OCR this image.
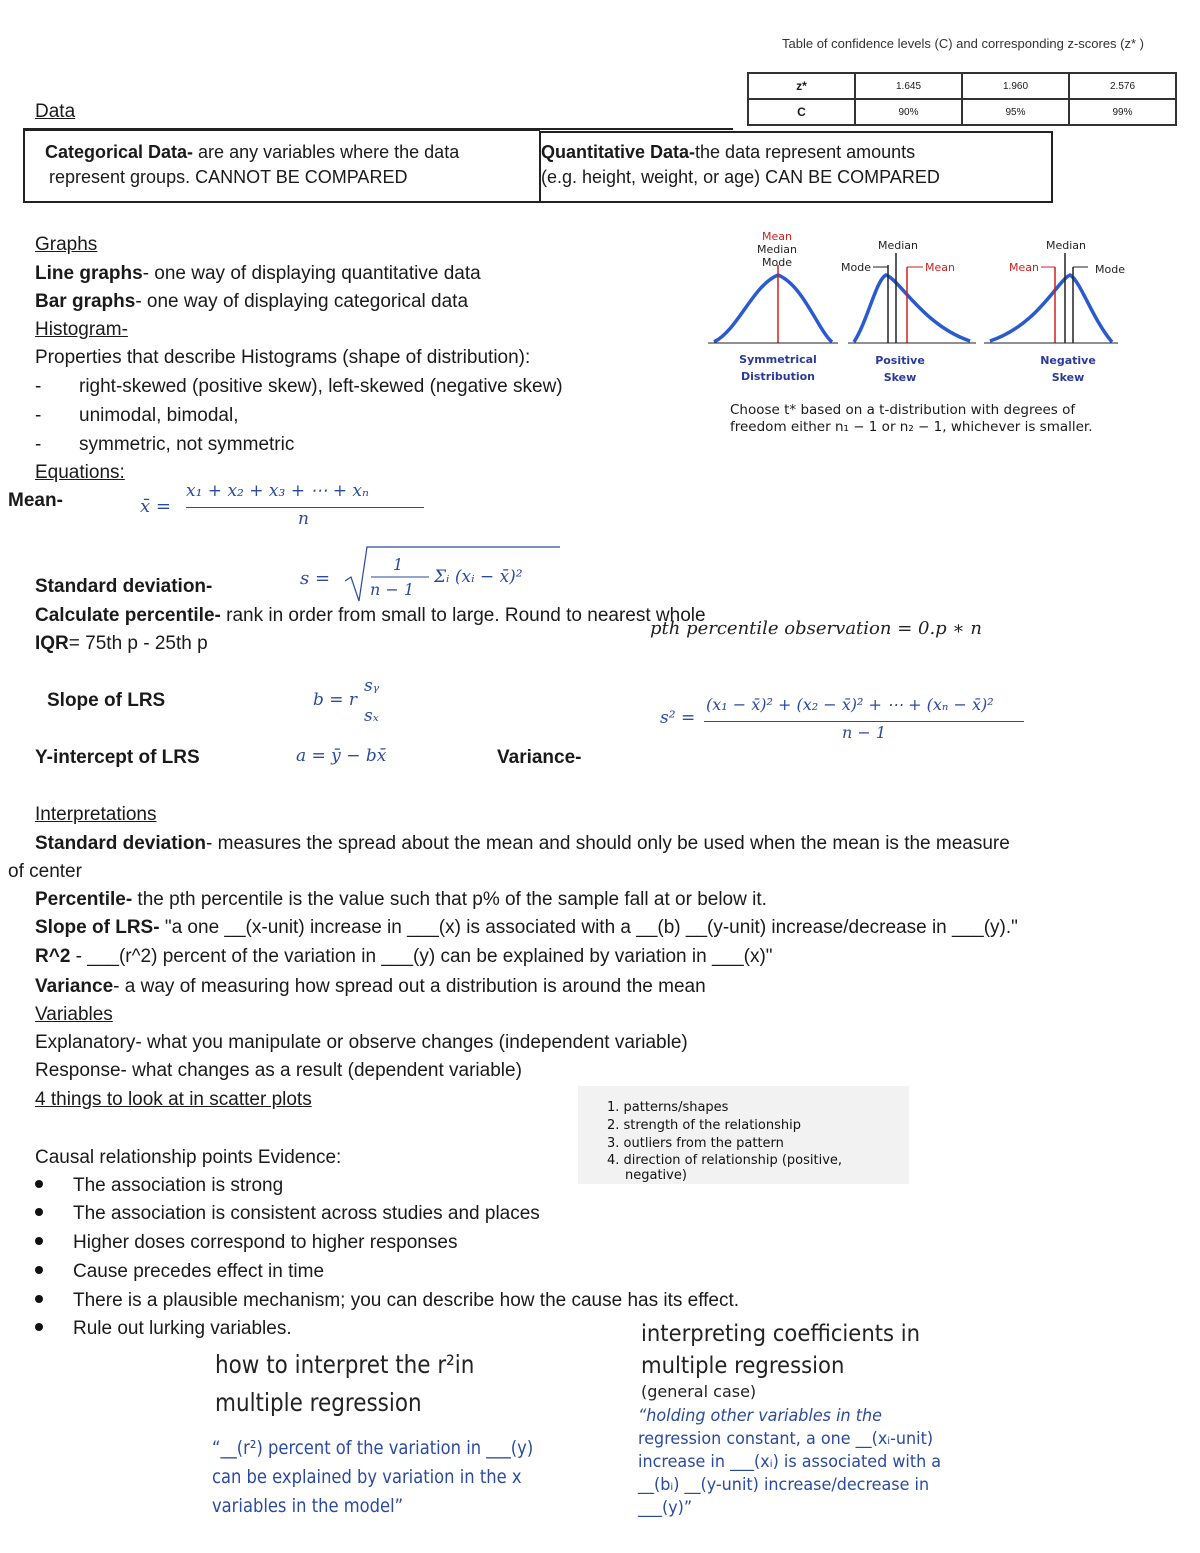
Table of confidence levels (C) and corresponding z-scores (z* )
z*	1.645	1.960	2.576
C	90%	95%	99%
Data
Categorical Data- are any variables where the data
represent groups. CANNOT BE COMPARED
Quantitative Data-the data represent amounts
(e.g. height, weight, or age) CAN BE COMPARED
Graphs
Line graphs- one way of displaying quantitative data
Bar graphs- one way of displaying categorical data
Histogram-
Properties that describe Histograms (shape of distribution):
- right-skewed (positive skew), left-skewed (negative skew)
- unimodal, bimodal,
- symmetric, not symmetric
Mean
Median
Mode
Symmetrical
Distribution
Median
Mode	Mean
Positive
Skew
Median
Mean	Mode
Negative
Skew
Choose t* based on a t-distribution with degrees of
freedom either n₁ − 1 or n₂ − 1, whichever is smaller.
Equations:
Mean-	x̄ =
x₁ + x₂ + x₃ + ⋯ + xₙ
n
Standard deviation-	s =
1
n − 1
Σᵢ (xᵢ − x̄)²
Calculate percentile- rank in order from small to large. Round to nearest whole
pth percentile observation = 0.p ∗ n
IQR= 75th p - 25th p
Slope of LRS	b = r
sᵧ
sₓ	s² =
(x₁ − x̄)² + (x₂ − x̄)² + ⋯ + (xₙ − x̄)²
n − 1
Y-intercept of LRS	a = ȳ − bx̄	Variance-
Interpretations
Standard deviation- measures the spread about the mean and should only be used when the mean is the measure
of center
Percentile- the pth percentile is the value such that p% of the sample fall at or below it.
Slope of LRS- "a one __(x-unit) increase in ___(x) is associated with a __(b) __(y-unit) increase/decrease in ___(y)."
R^2 - ___(r^2) percent of the variation in ___(y) can be explained by variation in ___(x)"
Variance- a way of measuring how spread out a distribution is around the mean
Variables
Explanatory- what you manipulate or observe changes (independent variable)
Response- what changes as a result (dependent variable)
4 things to look at in scatter plots	1. patterns/shapes
2. strength of the relationship
3. outliers from the pattern
4. direction of relationship (positive,
negative)
Causal relationship points Evidence:
The association is strong
The association is consistent across studies and places
Higher doses correspond to higher responses
Cause precedes effect in time
There is a plausible mechanism; you can describe how the cause has its effect.
Rule out lurking variables.
how to interpret the r²in
multiple regression
“__(r²) percent of the variation in ___(y)
can be explained by variation in the x
variables in the model”
interpreting coefficients in
multiple regression
(general case)
“holding other variables in the
regression constant, a one __(xᵢ-unit)
increase in ___(xᵢ) is associated with a
__(bᵢ) __(y-unit) increase/decrease in
___(y)”
